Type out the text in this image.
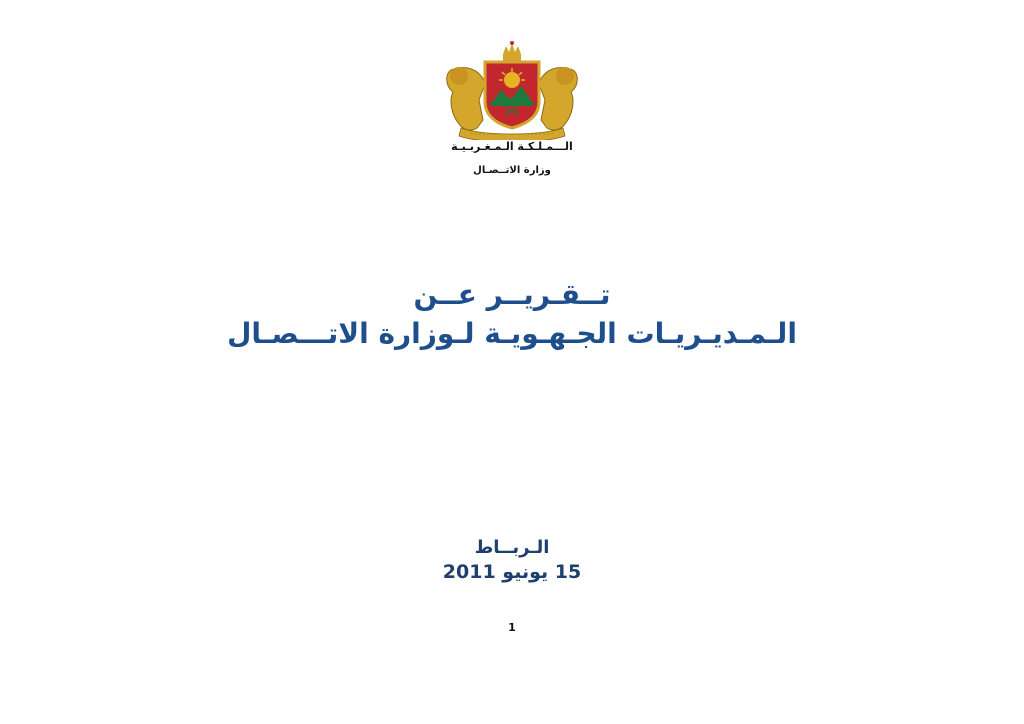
الـــمـلـكـة الـمـغـربـيـة
وزارة الاتــصـال
تــقـريــر عــن
الـمـديـريـات الجـهـويـة لـوزارة الاتـــصـال
الـربــاط
15 يونيو 2011
1
